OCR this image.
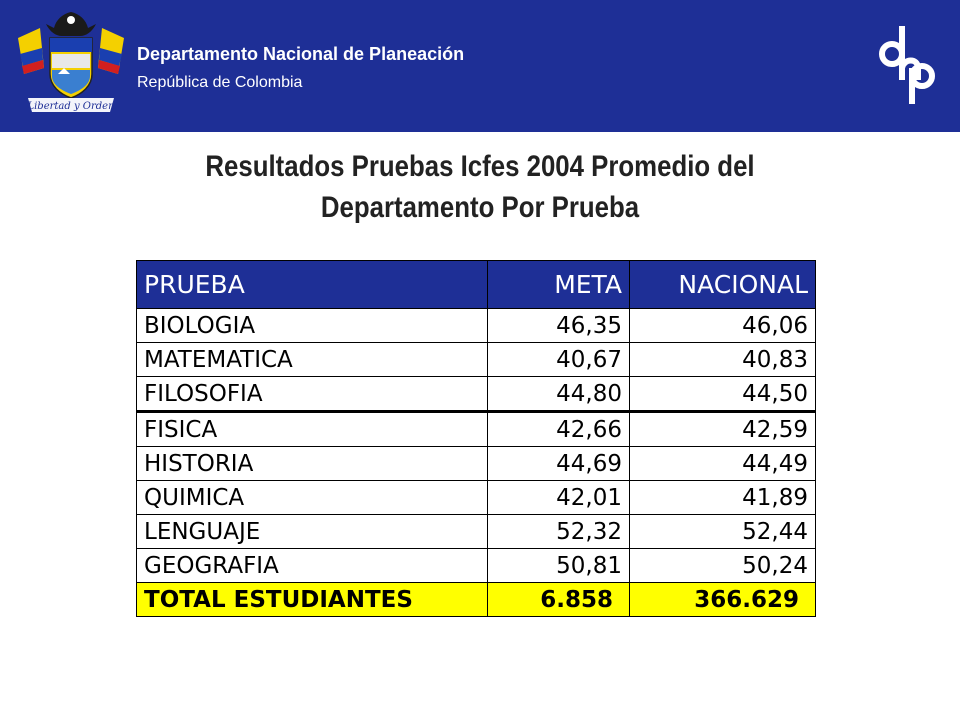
Libertad y Orden
Departamento Nacional de Planeación
República de Colombia
Resultados Pruebas Icfes 2004 Promedio del
Departamento Por Prueba
PRUEBA	META	NACIONAL
BIOLOGIA	46,35	46,06
MATEMATICA	40,67	40,83
FILOSOFIA	44,80	44,50
FISICA	42,66	42,59
HISTORIA	44,69	44,49
QUIMICA	42,01	41,89
LENGUAJE	52,32	52,44
GEOGRAFIA	50,81	50,24
TOTAL ESTUDIANTES	6.858	366.629
